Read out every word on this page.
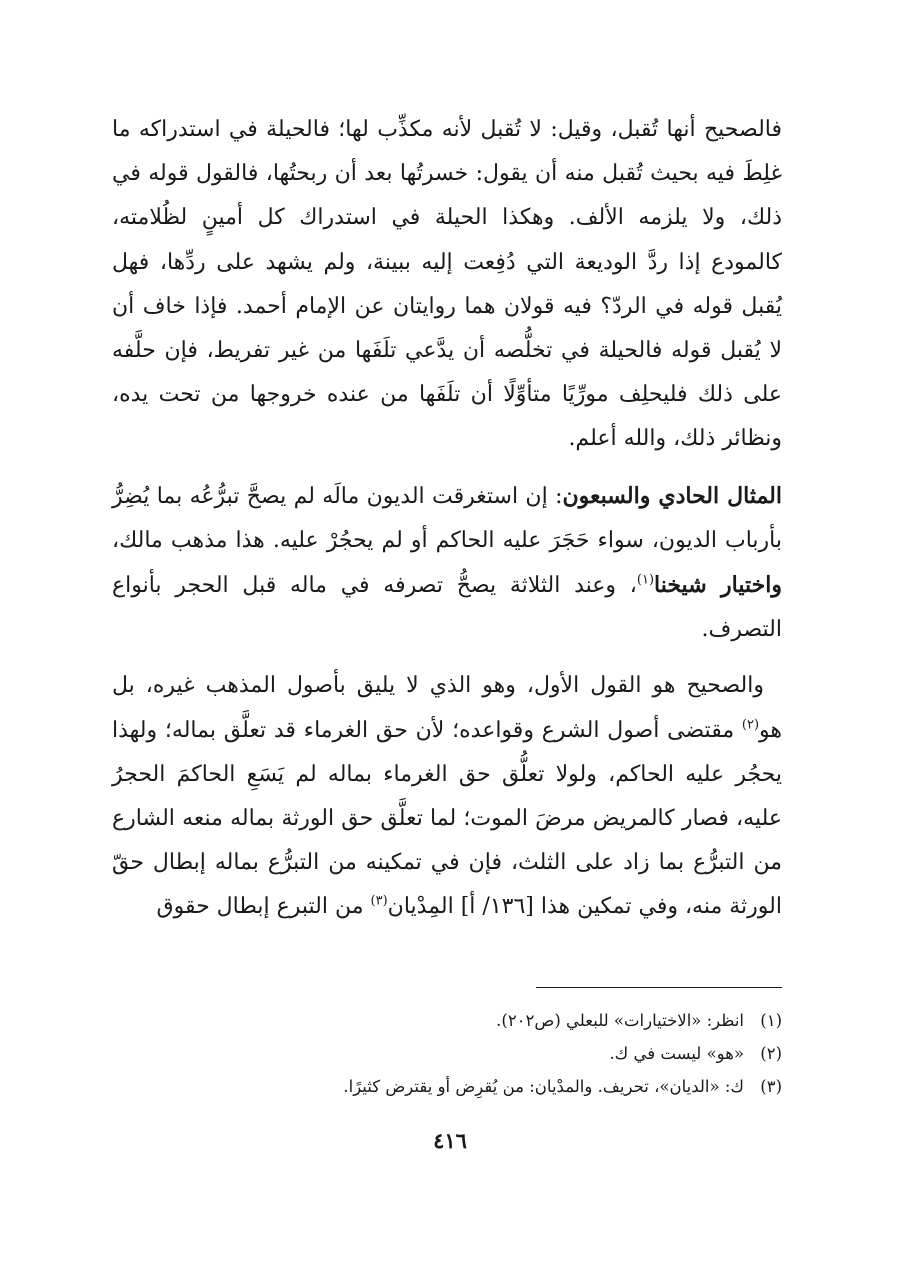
فالصحيح أنها تُقبل، وقيل: لا تُقبل لأنه مكذِّب لها؛ فالحيلة في استدراكه ما غلِطَ فيه بحيث تُقبل منه أن يقول: خسرتُها بعد أن ربحتُها، فالقول قوله في ذلك، ولا يلزمه الألف. وهكذا الحيلة في استدراك كل أمينٍ لظُلامته، كالمودع إذا ردَّ الوديعة التي دُفِعت إليه ببينة، ولم يشهد على ردِّها، فهل يُقبل قوله في الردّ؟ فيه قولان هما روايتان عن الإمام أحمد. فإذا خاف أن لا يُقبل قوله فالحيلة في تخلُّصه أن يدَّعي تلَفَها من غير تفريط، فإن حلَّفه على ذلك فليحلِف مورِّيًا متأوِّلًا أن تلَفَها من عنده خروجها من تحت يده، ونظائر ذلك، والله أعلم.

المثال الحادي والسبعون: إن استغرقت الديون مالَه لم يصحَّ تبرُّعُه بما يُضِرُّ بأرباب الديون، سواء حَجَرَ عليه الحاكم أو لم يحجُرْ عليه. هذا مذهب مالك، واختيار شيخنا$^{(١)}$، وعند الثلاثة يصحُّ تصرفه في ماله قبل الحجر بأنواع التصرف.

والصحيح هو القول الأول، وهو الذي لا يليق بأصول المذهب غيره، بل هو$^{(٢)}$ مقتضى أصول الشرع وقواعده؛ لأن حق الغرماء قد تعلَّق بماله؛ ولهذا يحجُر عليه الحاكم، ولولا تعلُّق حق الغرماء بماله لم يَسَعِ الحاكمَ الحجرُ عليه، فصار كالمريض مرضَ الموت؛ لما تعلَّق حق الورثة بماله منعه الشارع من التبرُّع بما زاد على الثلث، فإن في تمكينه من التبرُّع بماله إبطال حقّ الورثة منه، وفي تمكين هذا [١٣٦/ أ] المِدْيان$^{(٣)}$ من التبرع إبطال حقوق

(١)انظر: «الاختيارات» للبعلي (ص٢٠٢).
(٢)«هو» ليست في ك.
(٣)ك: «الديان»، تحريف. والمدْيان: من يُقرِض أو يقترض كثيرًا.
٤١٦
